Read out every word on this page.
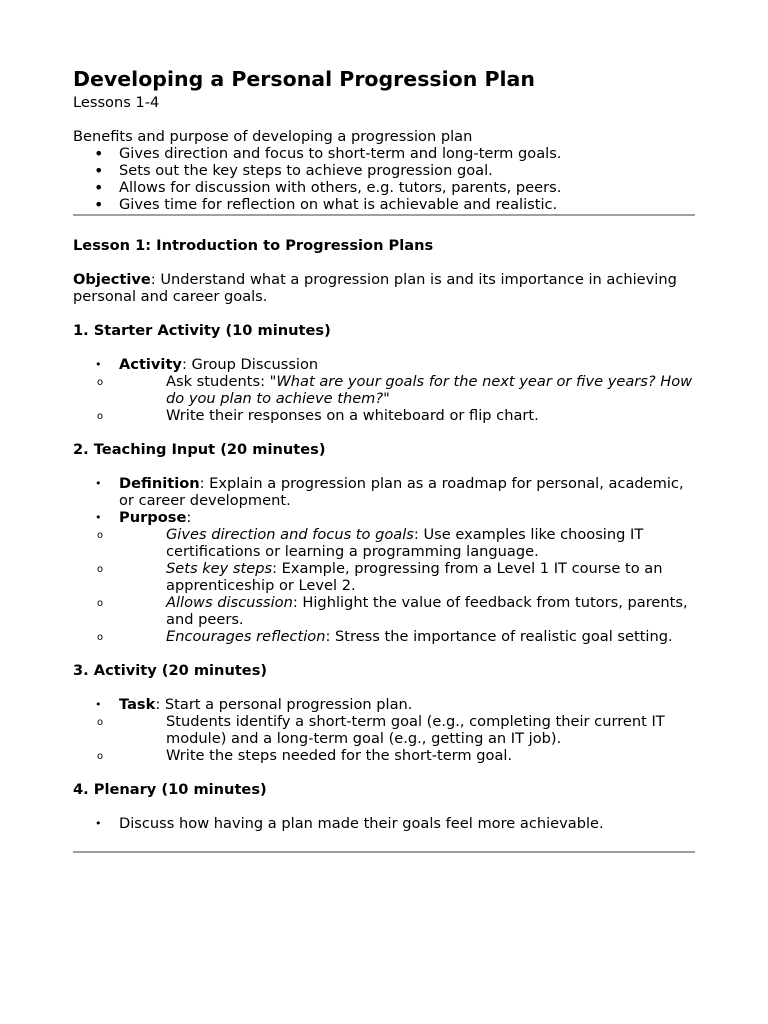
Developing a Personal Progression Plan

Lessons 1-4

Benefits and purpose of developing a progression plan

• Gives direction and focus to short-term and long-term goals.
• Sets out the key steps to achieve progression goal.
• Allows for discussion with others, e.g. tutors, parents, peers.
• Gives time for reflection on what is achievable and realistic.

Lesson 1: Introduction to Progression Plans

Objective: Understand what a progression plan is and its importance in achieving personal and career goals.

1. Starter Activity (10 minutes)

• Activity: Group Discussion
o Ask students: "What are your goals for the next year or five years? How do you plan to achieve them?"
o Write their responses on a whiteboard or flip chart.

2. Teaching Input (20 minutes)

• Definition: Explain a progression plan as a roadmap for personal, academic, or career development.
• Purpose:
o Gives direction and focus to goals: Use examples like choosing IT certifications or learning a programming language.
o Sets key steps: Example, progressing from a Level 1 IT course to an apprenticeship or Level 2.
o Allows discussion: Highlight the value of feedback from tutors, parents, and peers.
o Encourages reflection: Stress the importance of realistic goal setting.

3. Activity (20 minutes)

• Task: Start a personal progression plan.
o Students identify a short-term goal (e.g., completing their current IT module) and a long-term goal (e.g., getting an IT job).
o Write the steps needed for the short-term goal.

4. Plenary (10 minutes)

• Discuss how having a plan made their goals feel more achievable.
